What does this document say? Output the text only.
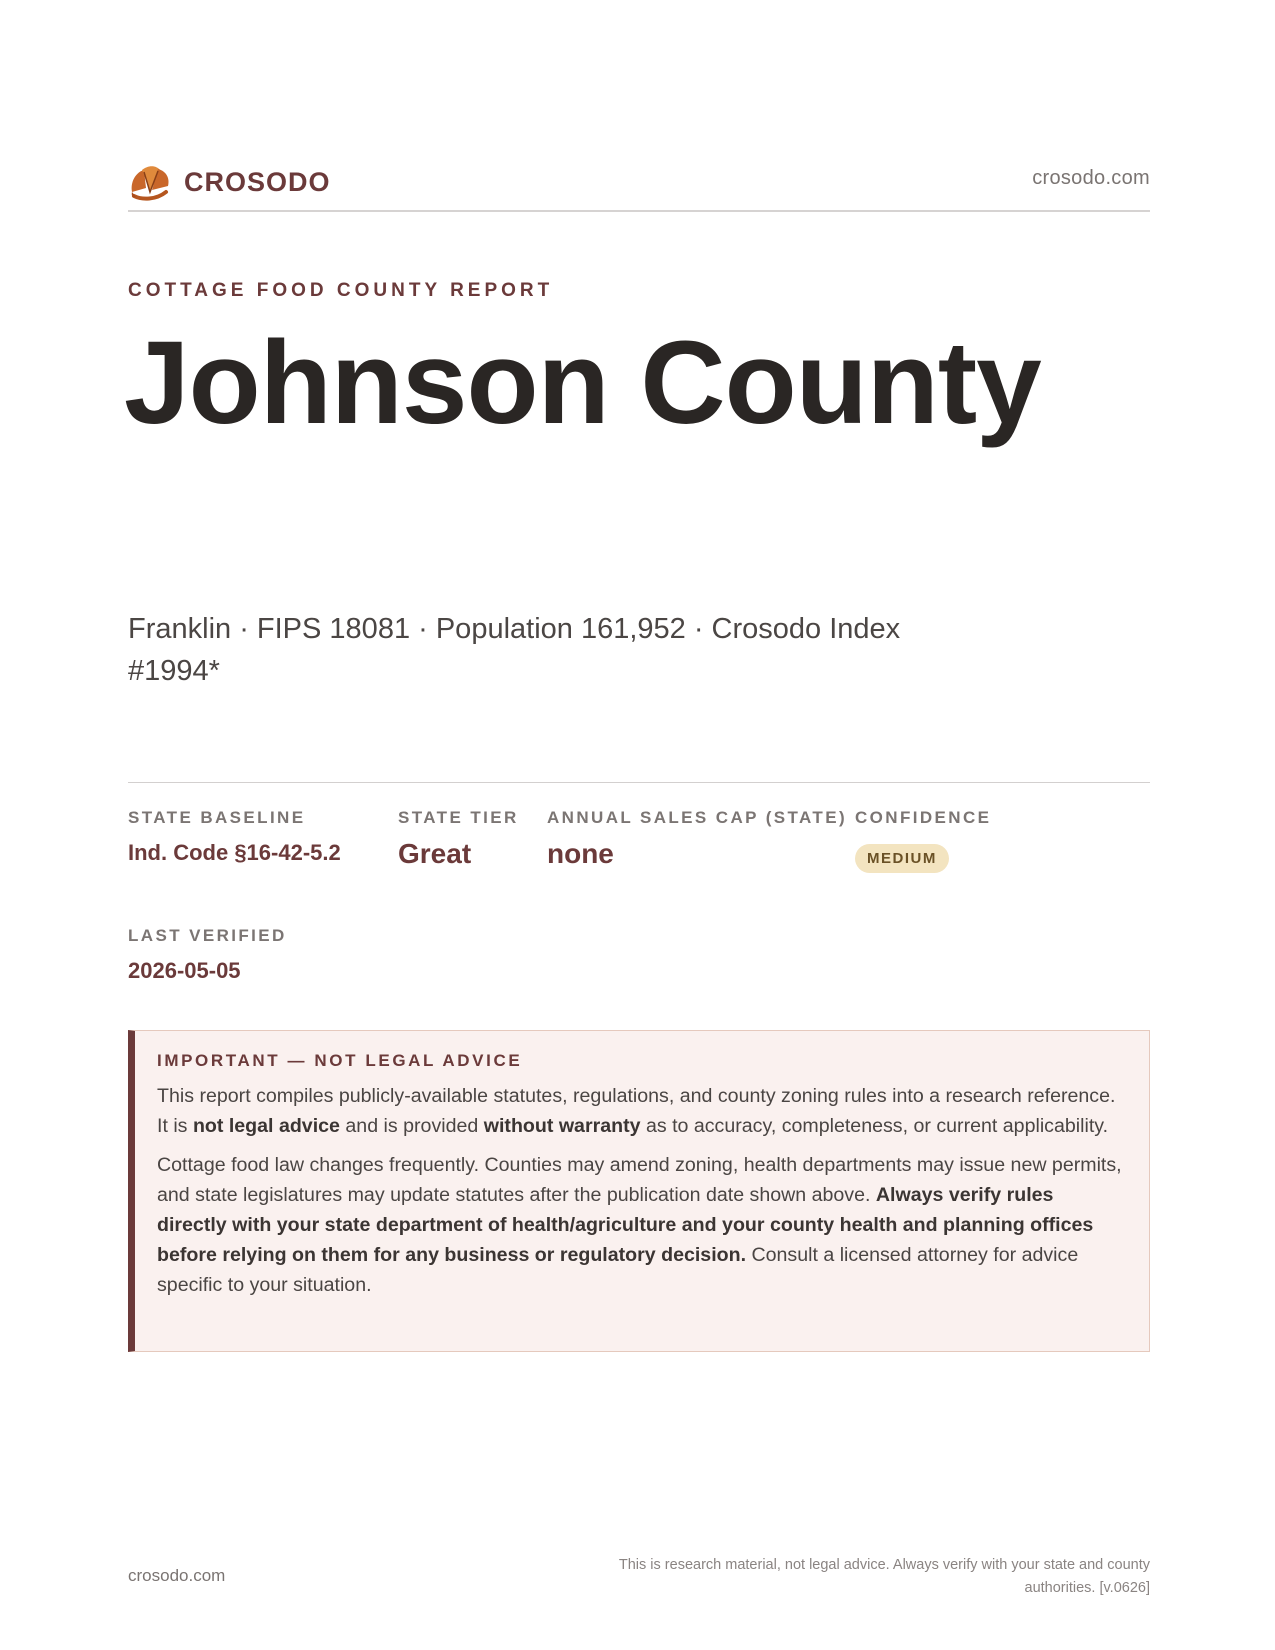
CROSODO	crosodo.com
COTTAGE FOOD COUNTY REPORT
Johnson County
Franklin · FIPS 18081 · Population 161,952 · Crosodo Index #1994*
STATE BASELINE
Ind. Code §16-42-5.2
STATE TIER
Great
ANNUAL SALES CAP (STATE)
none
CONFIDENCE
MEDIUM
LAST VERIFIED
2026-05-05
IMPORTANT — NOT LEGAL ADVICE

This report compiles publicly-available statutes, regulations, and county zoning rules into a research reference. It is not legal advice and is provided without warranty as to accuracy, completeness, or current applicability.

Cottage food law changes frequently. Counties may amend zoning, health departments may issue new permits, and state legislatures may update statutes after the publication date shown above. Always verify rules directly with your state department of health/agriculture and your county health and planning offices before relying on them for any business or regulatory decision. Consult a licensed attorney for advice specific to your situation.

crosodo.com
This is research material, not legal advice. Always verify with your state and county authorities. [v.0626]
